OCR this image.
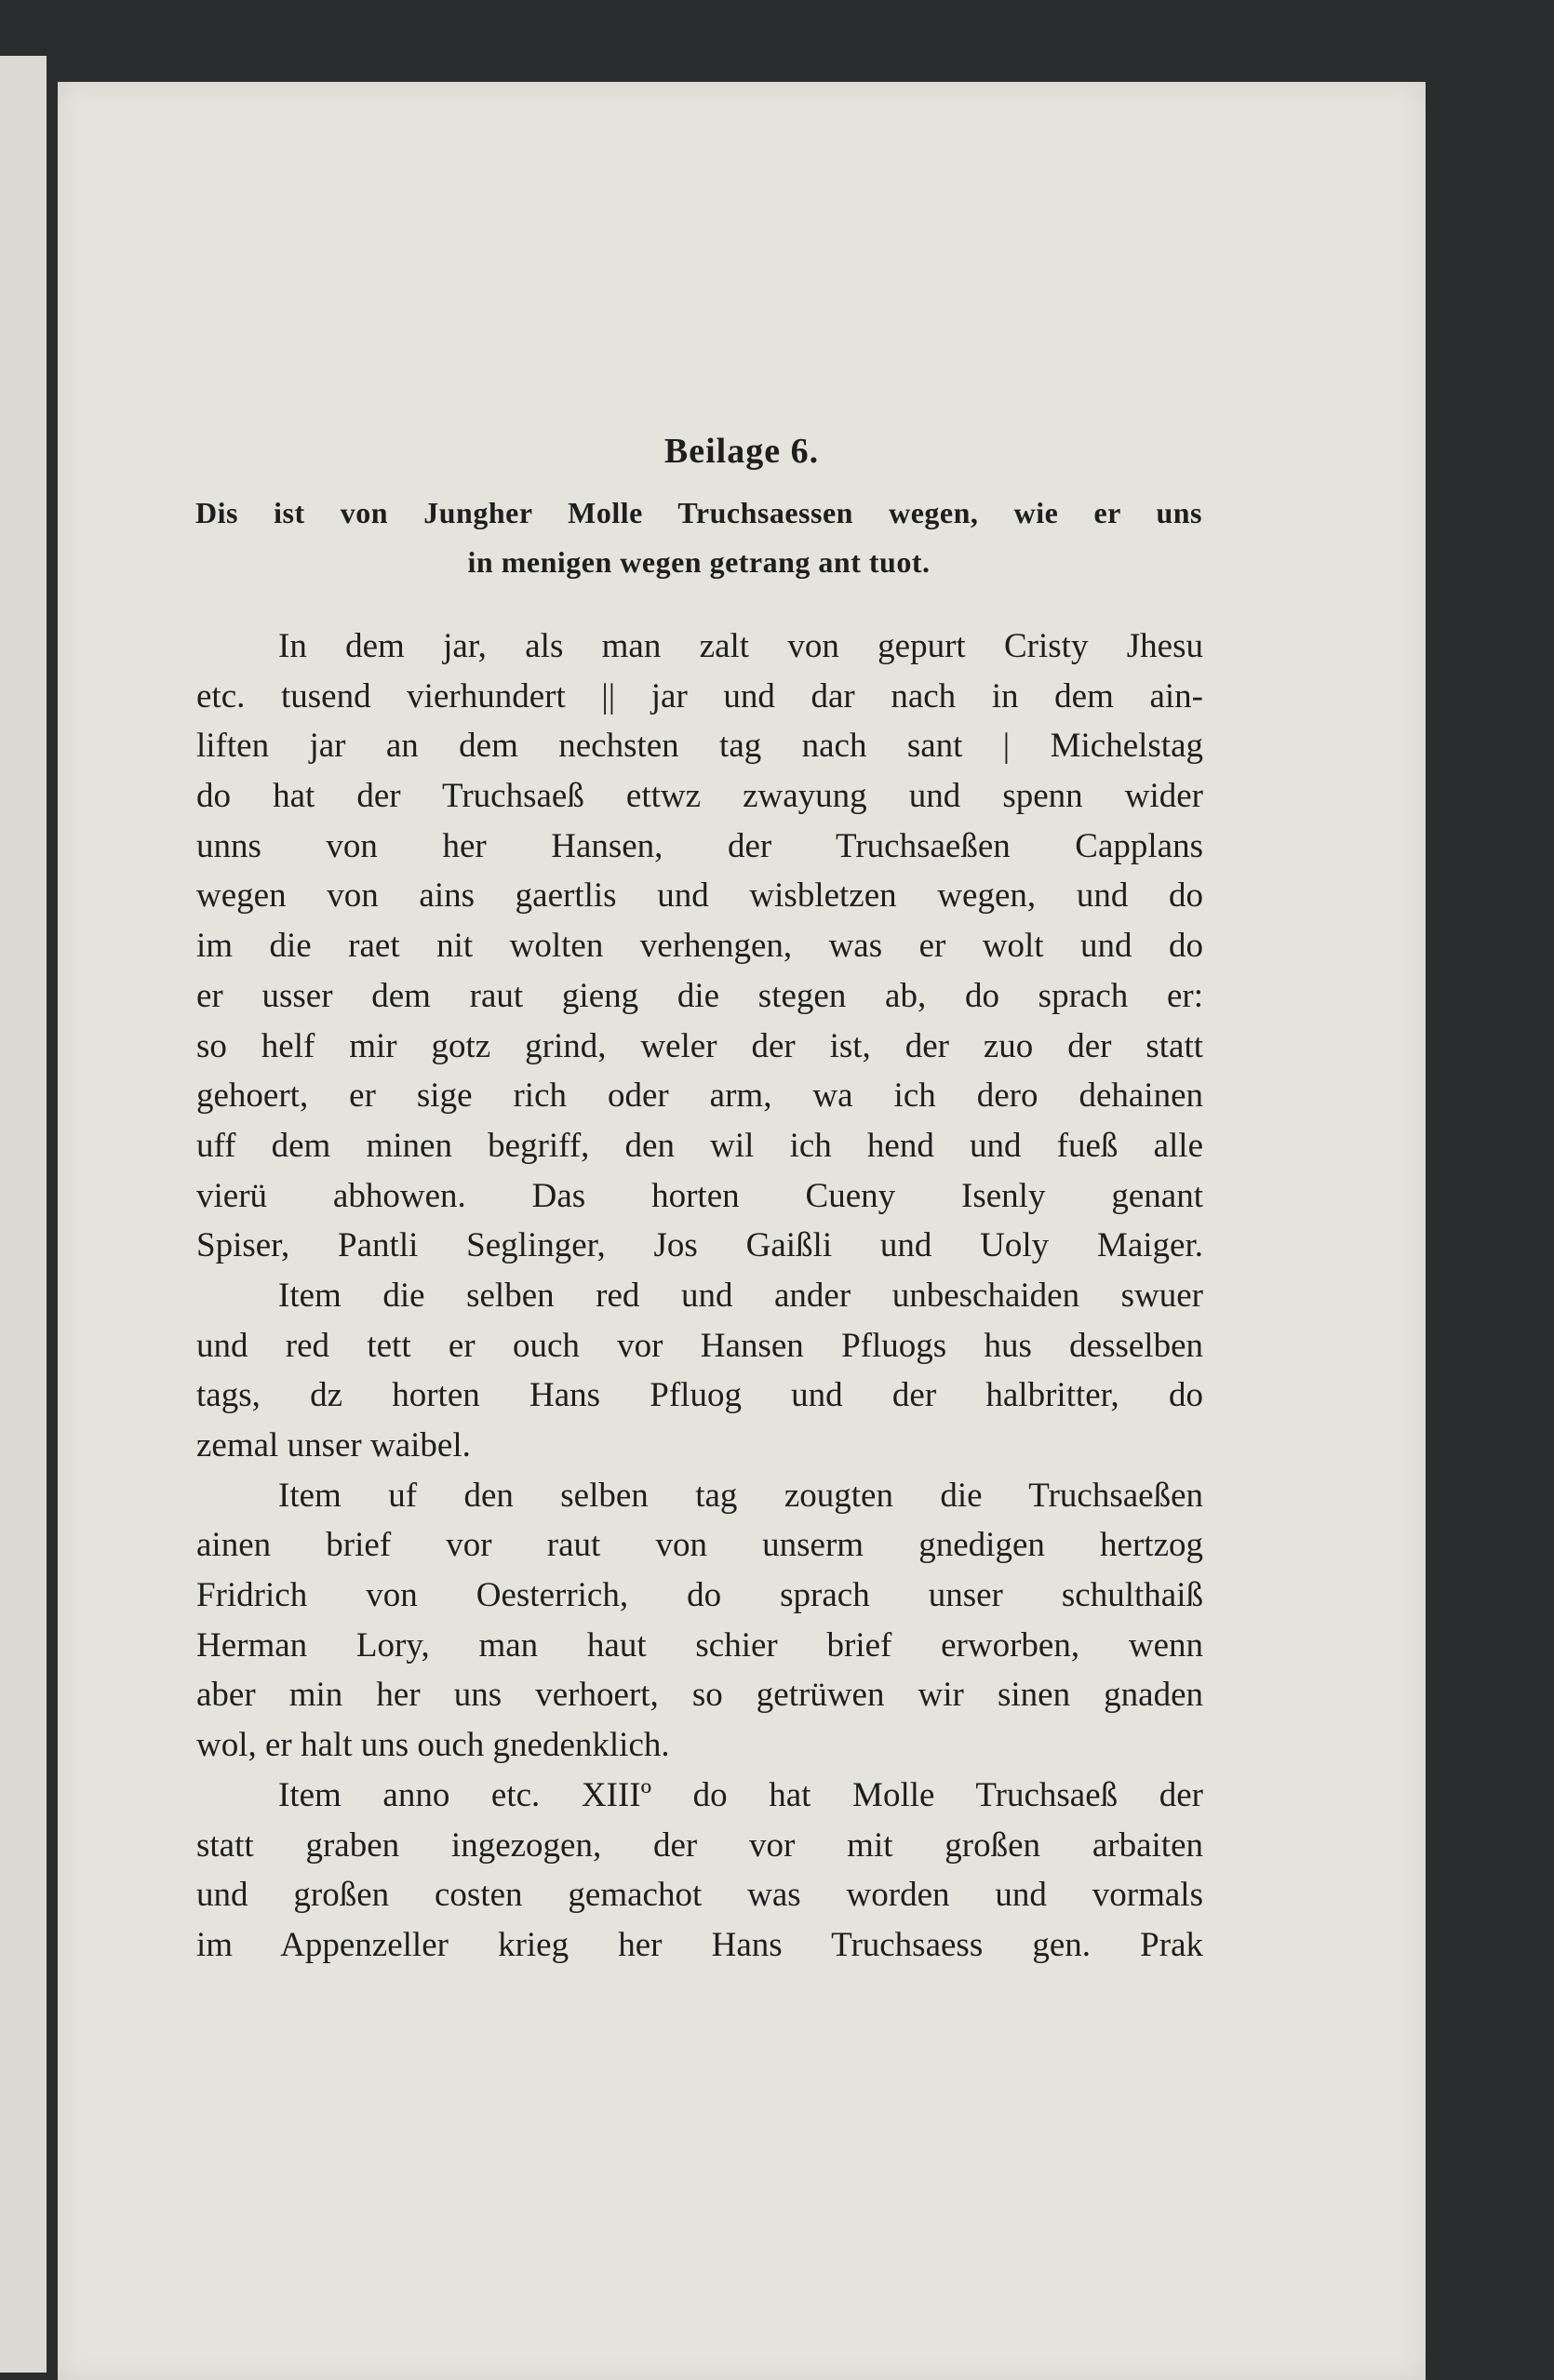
Beilage 6.
Dis ist von Jungher Molle Truchsaessen wegen, wie er uns
in menigen wegen getrang ant tuot.
In dem jar, als man zalt von gepurt Cristy Jhesu
etc. tusend vierhundert || jar und dar nach in dem ain-
liften jar an dem nechsten tag nach sant | Michelstag
do hat der Truchsaeß ettwz zwayung und spenn wider
unns von her Hansen, der Truchsaeßen Capplans
wegen von ains gaertlis und wisbletzen wegen, und do
im die raet nit wolten verhengen, was er wolt und do
er usser dem raut gieng die stegen ab, do sprach er:
so helf mir gotz grind, weler der ist, der zuo der statt
gehoert, er sige rich oder arm, wa ich dero dehainen
uff dem minen begriff, den wil ich hend und fueß alle
vierü abhowen. Das horten Cueny Isenly genant
Spiser, Pantli Seglinger, Jos Gaißli und Uoly Maiger.
Item die selben red und ander unbeschaiden swuer
und red tett er ouch vor Hansen Pfluogs hus desselben
tags, dz horten Hans Pfluog und der halbritter, do
zemal unser waibel.
Item uf den selben tag zougten die Truchsaeßen
ainen brief vor raut von unserm gnedigen hertzog
Fridrich von Oesterrich, do sprach unser schulthaiß
Herman Lory, man haut schier brief erworben, wenn
aber min her uns verhoert, so getrüwen wir sinen gnaden
wol, er halt uns ouch gnedenklich.
Item anno etc. XIIIº do hat Molle Truchsaeß der
statt graben ingezogen, der vor mit großen arbaiten
und großen costen gemachot was worden und vormals
im Appenzeller krieg her Hans Truchsaess gen. Prak
